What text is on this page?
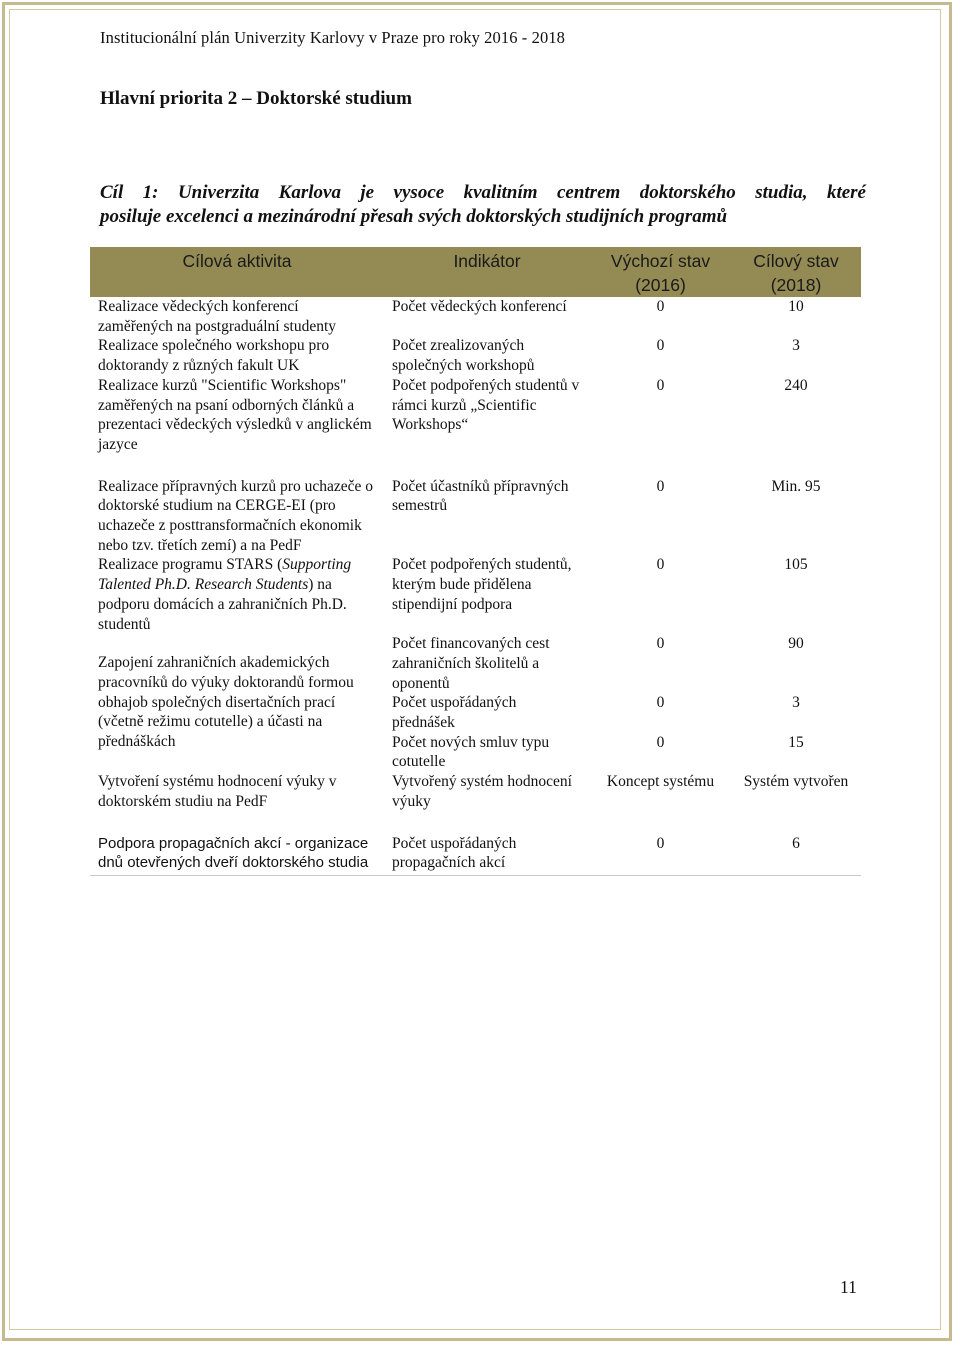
Institucionální plán Univerzity Karlovy v Praze pro roky 2016 - 2018
Hlavní priorita 2 – Doktorské studium
Cíl 1: Univerzita Karlova je vysoce kvalitním centrem doktorského studia, které
posiluje excelenci a mezinárodní přesah svých doktorských studijních programů
Cílová aktivita	Indikátor	Výchozí stav (2016)	Cílový stav (2018)
Realizace vědeckých konferencí zaměřených na postgraduální studenty	Počet vědeckých konferencí	0	10
Realizace společného workshopu pro doktorandy z různých fakult UK	Počet zrealizovaných společných workshopů	0	3
Realizace kurzů "Scientific Workshops" zaměřených na psaní odborných článků a prezentaci vědeckých výsledků v anglickém jazyce	Počet podpořených studentů v rámci kurzů „Scientific Workshops“	0	240

Realizace přípravných kurzů pro uchazeče o doktorské studium na CERGE-EI (pro uchazeče z posttransformačních ekonomik nebo tzv. třetích zemí) a na PedF	Počet účastníků přípravných semestrů	0	Min. 95
Realizace programu STARS (Supporting Talented Ph.D. Research Students) na podporu domácích a zahraničních Ph.D. studentů	Počet podpořených studentů, kterým bude přidělena stipendijní podpora	0	105
Zapojení zahraničních akademických pracovníků do výuky doktorandů formou obhajob společných disertačních prací (včetně režimu cotutelle) a účasti na přednáškách	Počet financovaných cest zahraničních školitelů a oponentů	0	90
	Počet uspořádaných přednášek	0	3
	Počet nových smluv typu cotutelle	0	15
Vytvoření systému hodnocení výuky v doktorském studiu na PedF	Vytvořený systém hodnocení výuky	Koncept systému	Systém vytvořen

Podpora propagačních akcí - organizace dnů otevřených dveří doktorského studia	Počet uspořádaných propagačních akcí	0	6
11
